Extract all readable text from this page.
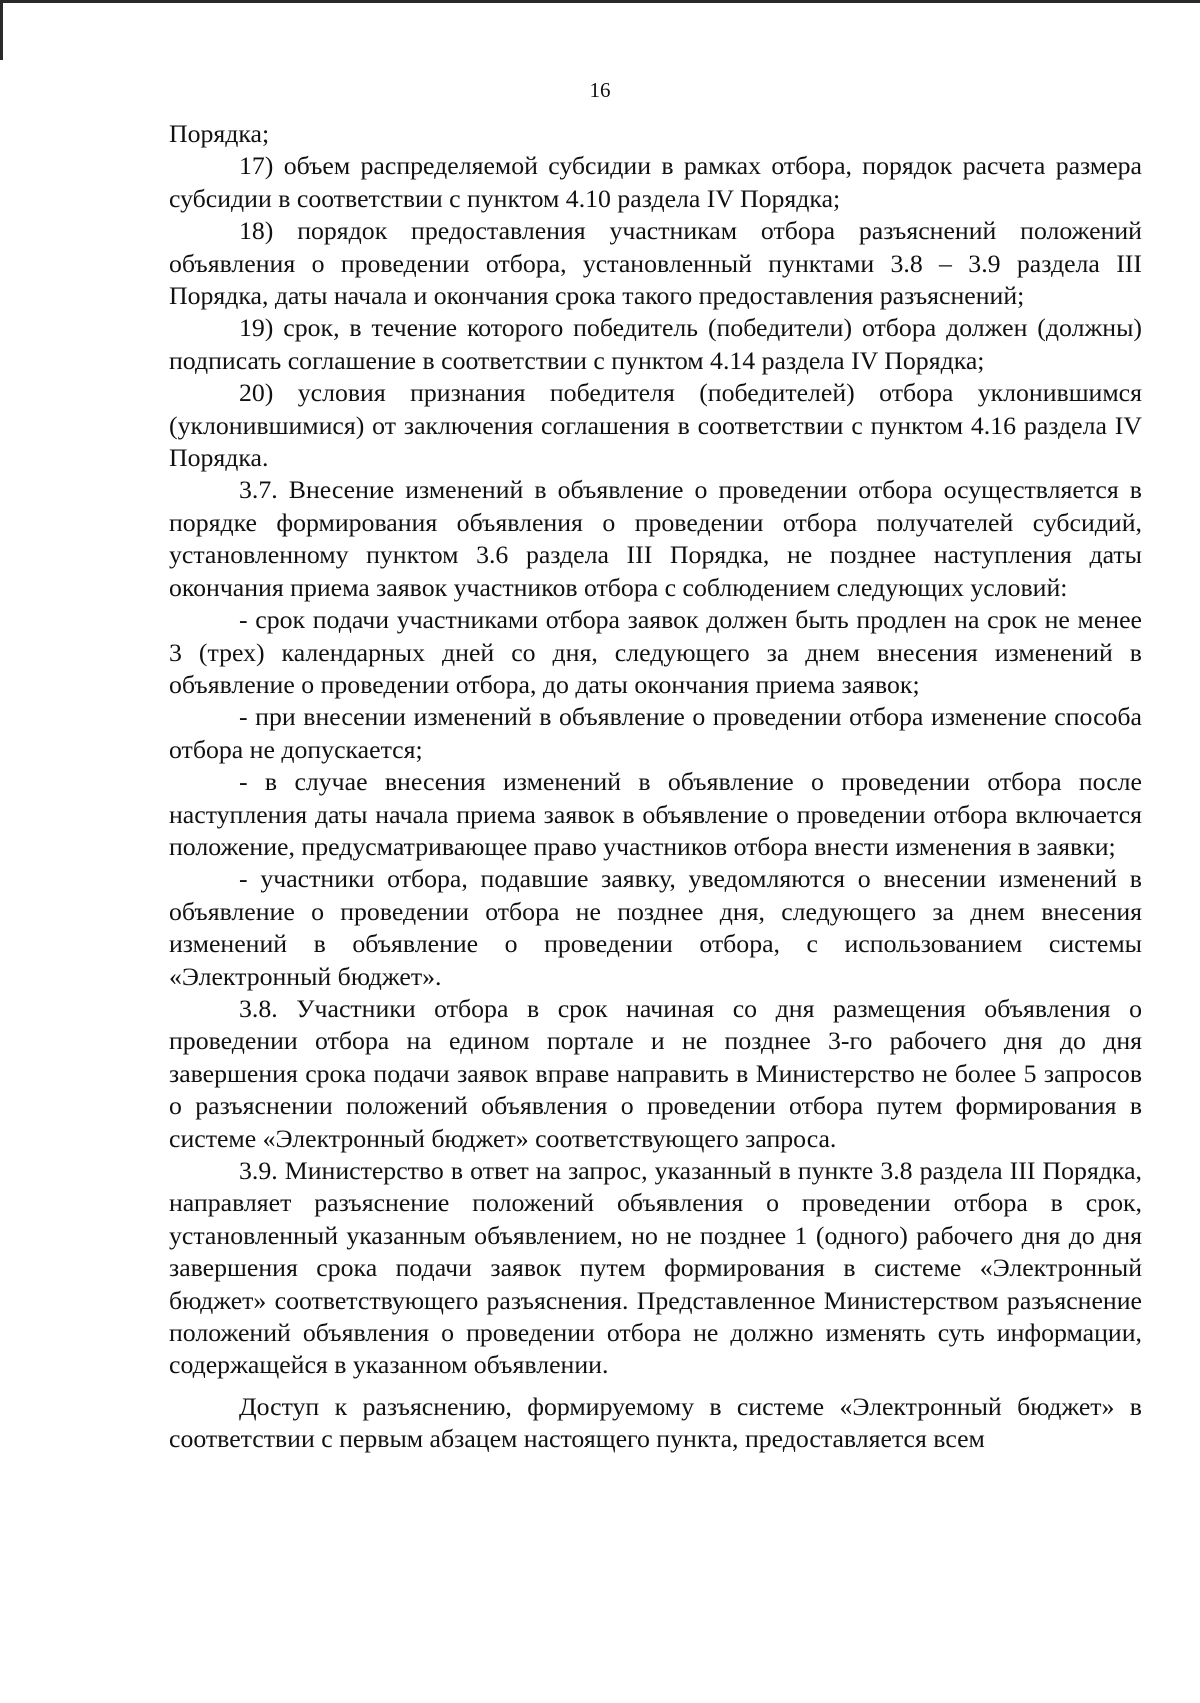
16

Порядка;

17) объем распределяемой субсидии в рамках отбора, порядок расчета размера субсидии в соответствии с пунктом 4.10 раздела IV Порядка;

18) порядок предоставления участникам отбора разъяснений положений объявления о проведении отбора, установленный пунктами 3.8 – 3.9 раздела III Порядка, даты начала и окончания срока такого предоставления разъяснений;

19) срок, в течение которого победитель (победители) отбора должен (должны) подписать соглашение в соответствии с пунктом 4.14 раздела IV Порядка;

20) условия признания победителя (победителей) отбора уклонившимся (уклонившимися) от заключения соглашения в соответствии с пунктом 4.16 раздела IV Порядка.

3.7. Внесение изменений в объявление о проведении отбора осуществляется в порядке формирования объявления о проведении отбора получателей субсидий, установленному пунктом 3.6 раздела III Порядка, не позднее наступления даты окончания приема заявок участников отбора с соблюдением следующих условий:

- срок подачи участниками отбора заявок должен быть продлен на срок не менее 3 (трех) календарных дней со дня, следующего за днем внесения изменений в объявление о проведении отбора, до даты окончания приема заявок;

- при внесении изменений в объявление о проведении отбора изменение способа отбора не допускается;

- в случае внесения изменений в объявление о проведении отбора после наступления даты начала приема заявок в объявление о проведении отбора включается положение, предусматривающее право участников отбора внести изменения в заявки;

- участники отбора, подавшие заявку, уведомляются о внесении изменений в объявление о проведении отбора не позднее дня, следующего за днем внесения изменений в объявление о проведении отбора, с использованием системы «Электронный бюджет».

3.8. Участники отбора в срок начиная со дня размещения объявления о проведении отбора на едином портале и не позднее 3-го рабочего дня до дня завершения срока подачи заявок вправе направить в Министерство не более 5 запросов о разъяснении положений объявления о проведении отбора путем формирования в системе «Электронный бюджет» соответствующего запроса.

3.9. Министерство в ответ на запрос, указанный в пункте 3.8 раздела III Порядка, направляет разъяснение положений объявления о проведении отбора в срок, установленный указанным объявлением, но не позднее 1 (одного) рабочего дня до дня завершения срока подачи заявок путем формирования в системе «Электронный бюджет» соответствующего разъяснения. Представленное Министерством разъяснение положений объявления о проведении отбора не должно изменять суть информации, содержащейся в указанном объявлении.

Доступ к разъяснению, формируемому в системе «Электронный бюджет» в соответствии с первым абзацем настоящего пункта, предоставляется всем
